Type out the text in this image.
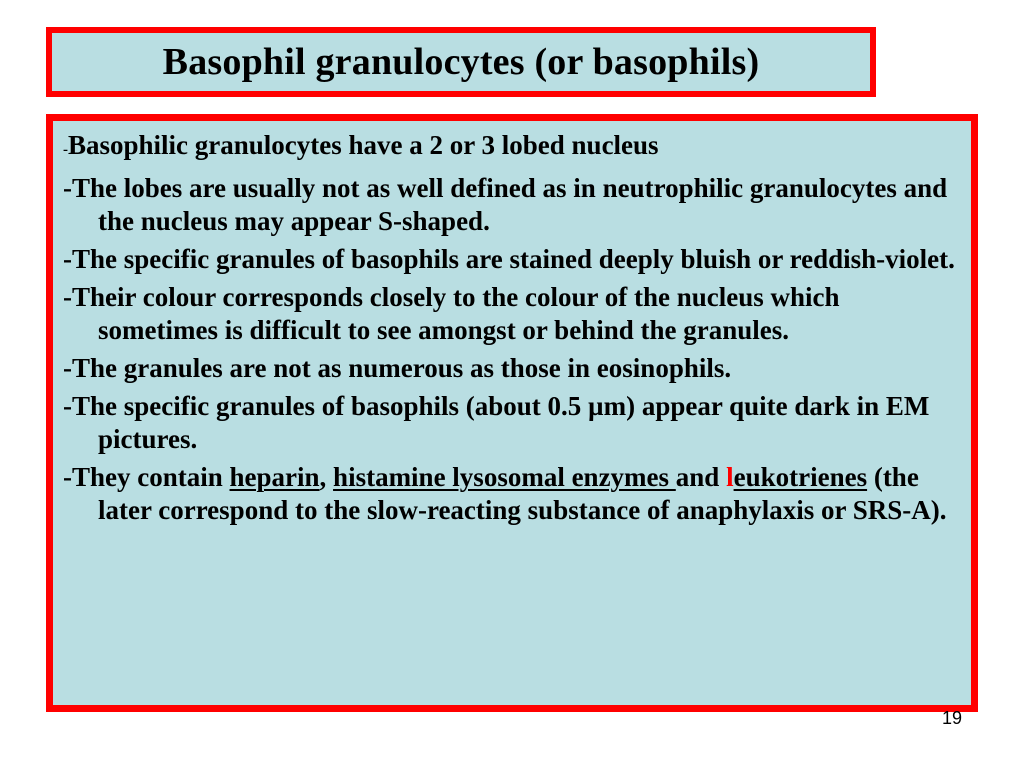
Basophil granulocytes (or basophils)
-Basophilic granulocytes have a 2 or 3 lobed nucleus
-The lobes are usually not as well defined as in neutrophilic granulocytes and the nucleus may appear S-shaped.
-The specific granules of basophils are stained deeply bluish or reddish-violet.
-Their colour corresponds closely to the colour of the nucleus which sometimes is difficult to see amongst or behind the granules.
-The granules are not as numerous as those in eosinophils.
-The specific granules of basophils (about 0.5 µm) appear quite dark in EM pictures.
-They contain heparin, histamine lysosomal enzymes and leukotrienes (the later correspond to the slow-reacting substance of anaphylaxis or SRS-A).
19
